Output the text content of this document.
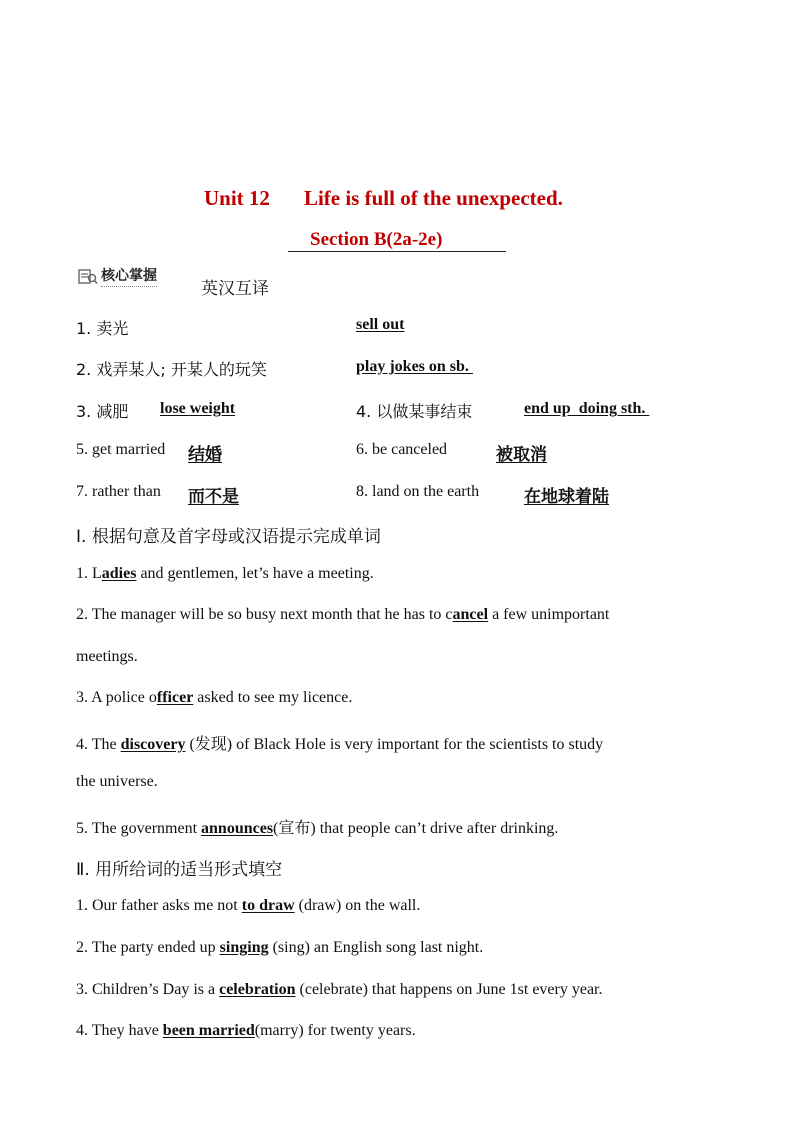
Unit 12 Life is full of the unexpected.
Section B(2a-2e)
核心掌握
英汉互译
1. 卖光	sell out
2. 戏弄某人; 开某人的玩笑	play jokes on sb.
3. 减肥 lose weight	4. 以做某事结束	end up  doing sth.
5. get married 结婚	6. be canceled	被取消
7. rather than 而不是	8. land on the earth	在地球着陆
Ⅰ. 根据句意及首字母或汉语提示完成单词
1. Ladies and gentlemen, let’s have a meeting.
2. The manager will be so busy next month that he has to cancel a few unimportant
meetings.
3. A police officer asked to see my licence.
4. The discovery (发现) of Black Hole is very important for the scientists to study
the universe.
5. The government announces(宣布) that people can’t drive after drinking.
Ⅱ. 用所给词的适当形式填空
1. Our father asks me not to draw (draw) on the wall.
2. The party ended up singing (sing) an English song last night.
3. Children’s Day is a celebration (celebrate) that happens on June 1st every year.
4. They have been married(marry) for twenty years.
